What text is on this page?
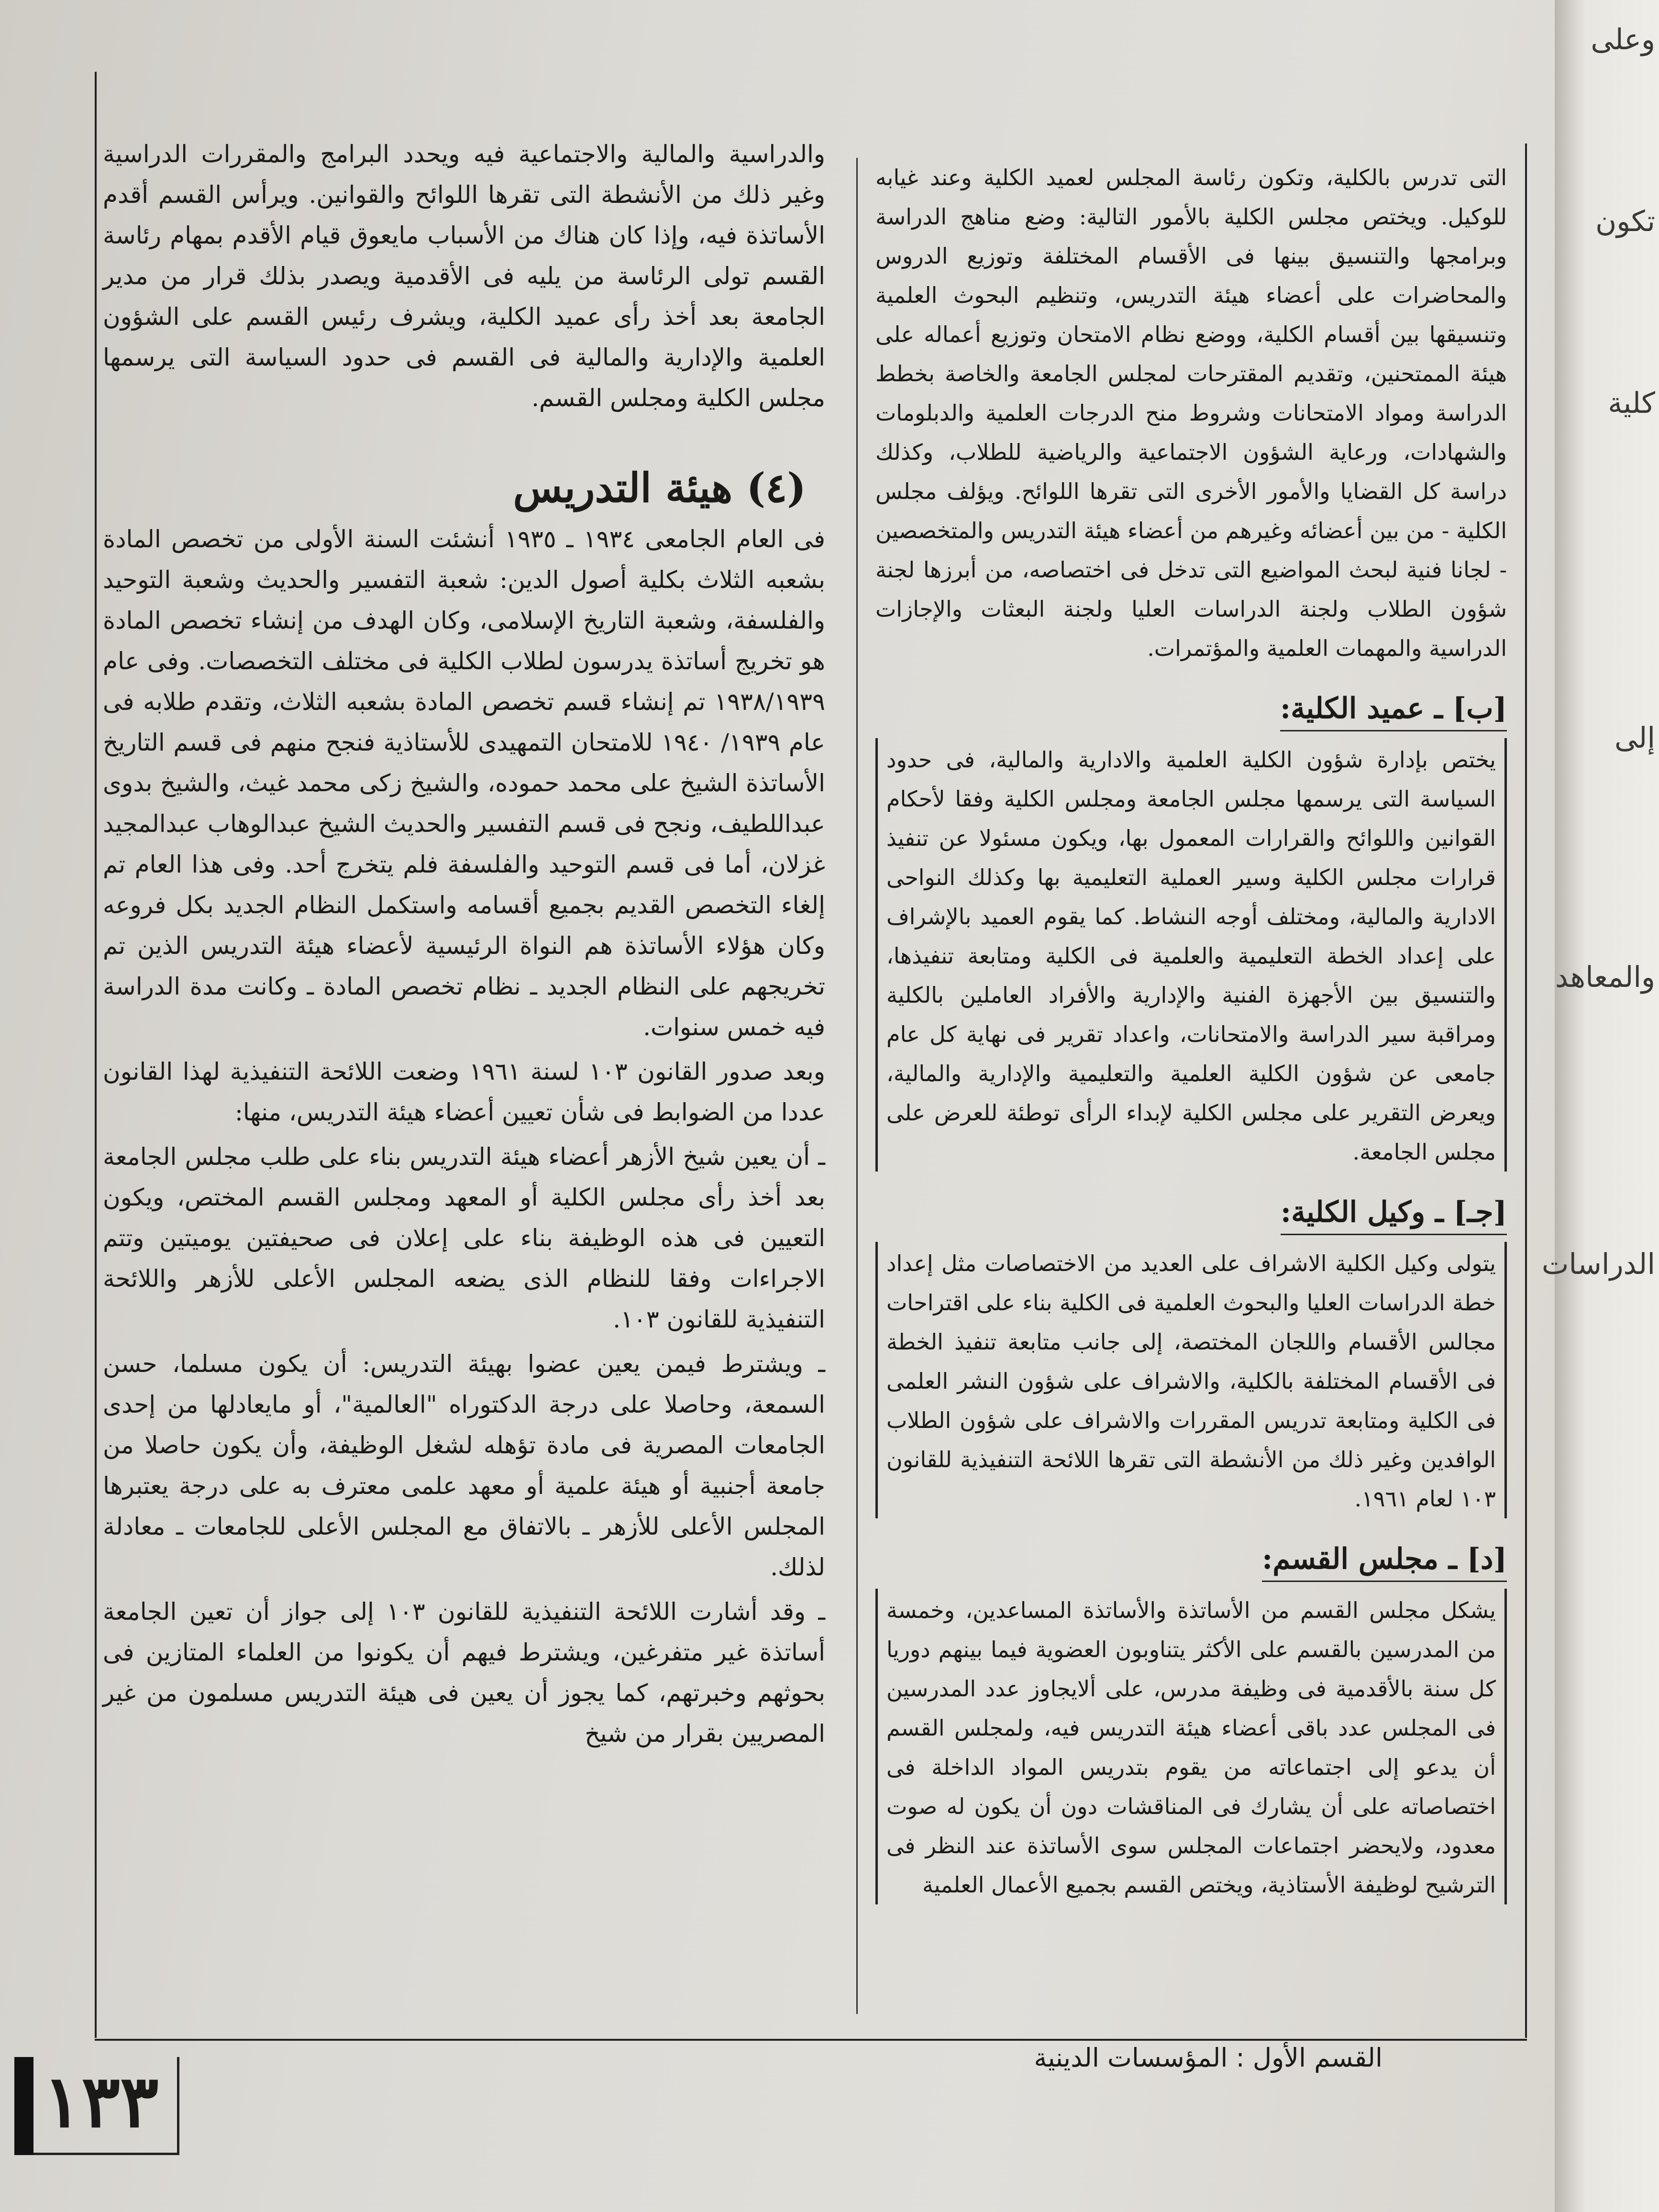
التى تدرس بالكلية، وتكون رئاسة المجلس لعميد الكلية وعند غيابه للوكيل. ويختص مجلس الكلية بالأمور التالية: وضع مناهج الدراسة وبرامجها والتنسيق بينها فى الأقسام المختلفة وتوزيع الدروس والمحاضرات على أعضاء هيئة التدريس، وتنظيم البحوث العلمية وتنسيقها بين أقسام الكلية، ووضع نظام الامتحان وتوزيع أعماله على هيئة الممتحنين، وتقديم المقترحات لمجلس الجامعة والخاصة بخطط الدراسة ومواد الامتحانات وشروط منح الدرجات العلمية والدبلومات والشهادات، ورعاية الشؤون الاجتماعية والرياضية للطلاب، وكذلك دراسة كل القضايا والأمور الأخرى التى تقرها اللوائح. ويؤلف مجلس الكلية - من بين أعضائه وغيرهم من أعضاء هيئة التدريس والمتخصصين - لجانا فنية لبحث المواضيع التى تدخل فى اختصاصه، من أبرزها لجنة شؤون الطلاب ولجنة الدراسات العليا ولجنة البعثات والإجازات الدراسية والمهمات العلمية والمؤتمرات.

[ب] ـ عميد الكلية:

يختص بإدارة شؤون الكلية العلمية والادارية والمالية، فى حدود السياسة التى يرسمها مجلس الجامعة ومجلس الكلية وفقا لأحكام القوانين واللوائح والقرارات المعمول بها، ويكون مسئولا عن تنفيذ قرارات مجلس الكلية وسير العملية التعليمية بها وكذلك النواحى الادارية والمالية، ومختلف أوجه النشاط. كما يقوم العميد بالإشراف على إعداد الخطة التعليمية والعلمية فى الكلية ومتابعة تنفيذها، والتنسيق بين الأجهزة الفنية والإدارية والأفراد العاملين بالكلية ومراقبة سير الدراسة والامتحانات، واعداد تقرير فى نهاية كل عام جامعى عن شؤون الكلية العلمية والتعليمية والإدارية والمالية، ويعرض التقرير على مجلس الكلية لإبداء الرأى توطئة للعرض على مجلس الجامعة.

[جـ] ـ وكيل الكلية:

يتولى وكيل الكلية الاشراف على العديد من الاختصاصات مثل إعداد خطة الدراسات العليا والبحوث العلمية فى الكلية بناء على اقتراحات مجالس الأقسام واللجان المختصة، إلى جانب متابعة تنفيذ الخطة فى الأقسام المختلفة بالكلية، والاشراف على شؤون النشر العلمى فى الكلية ومتابعة تدريس المقررات والاشراف على شؤون الطلاب الوافدين وغير ذلك من الأنشطة التى تقرها اللائحة التنفيذية للقانون ١٠٣ لعام ١٩٦١.

[د] ـ مجلس القسم:

يشكل مجلس القسم من الأساتذة والأساتذة المساعدين، وخمسة من المدرسين بالقسم على الأكثر يتناوبون العضوية فيما بينهم دوريا كل سنة بالأقدمية فى وظيفة مدرس، على ألايجاوز عدد المدرسين فى المجلس عدد باقى أعضاء هيئة التدريس فيه، ولمجلس القسم أن يدعو إلى اجتماعاته من يقوم بتدريس المواد الداخلة فى اختصاصاته على أن يشارك فى المناقشات دون أن يكون له صوت معدود، ولايحضر اجتماعات المجلس سوى الأساتذة عند النظر فى الترشيح لوظيفة الأستاذية، ويختص القسم بجميع الأعمال العلمية

والدراسية والمالية والاجتماعية فيه ويحدد البرامج والمقررات الدراسية وغير ذلك من الأنشطة التى تقرها اللوائح والقوانين. ويرأس القسم أقدم الأساتذة فيه، وإذا كان هناك من الأسباب مايعوق قيام الأقدم بمهام رئاسة القسم تولى الرئاسة من يليه فى الأقدمية ويصدر بذلك قرار من مدير الجامعة بعد أخذ رأى عميد الكلية، ويشرف رئيس القسم على الشؤون العلمية والإدارية والمالية فى القسم فى حدود السياسة التى يرسمها مجلس الكلية ومجلس القسم.

(٤) هيئة التدريس

فى العام الجامعى ١٩٣٤ ـ ١٩٣٥ أنشئت السنة الأولى من تخصص المادة بشعبه الثلاث بكلية أصول الدين: شعبة التفسير والحديث وشعبة التوحيد والفلسفة، وشعبة التاريخ الإسلامى، وكان الهدف من إنشاء تخصص المادة هو تخريج أساتذة يدرسون لطلاب الكلية فى مختلف التخصصات. وفى عام ١٩٣٨/١٩٣٩ تم إنشاء قسم تخصص المادة بشعبه الثلاث، وتقدم طلابه فى عام ١٩٣٩/ ١٩٤٠ للامتحان التمهيدى للأستاذية فنجح منهم فى قسم التاريخ الأساتذة الشيخ على محمد حموده، والشيخ زكى محمد غيث، والشيخ بدوى عبداللطيف، ونجح فى قسم التفسير والحديث الشيخ عبدالوهاب عبدالمجيد غزلان، أما فى قسم التوحيد والفلسفة فلم يتخرج أحد. وفى هذا العام تم إلغاء التخصص القديم بجميع أقسامه واستكمل النظام الجديد بكل فروعه وكان هؤلاء الأساتذة هم النواة الرئيسية لأعضاء هيئة التدريس الذين تم تخريجهم على النظام الجديد ـ نظام تخصص المادة ـ وكانت مدة الدراسة فيه خمس سنوات.

وبعد صدور القانون ١٠٣ لسنة ١٩٦١ وضعت اللائحة التنفيذية لهذا القانون عددا من الضوابط فى شأن تعيين أعضاء هيئة التدريس، منها:

ـ أن يعين شيخ الأزهر أعضاء هيئة التدريس بناء على طلب مجلس الجامعة بعد أخذ رأى مجلس الكلية أو المعهد ومجلس القسم المختص، ويكون التعيين فى هذه الوظيفة بناء على إعلان فى صحيفتين يوميتين وتتم الاجراءات وفقا للنظام الذى يضعه المجلس الأعلى للأزهر واللائحة التنفيذية للقانون ١٠٣.

ـ ويشترط فيمن يعين عضوا بهيئة التدريس: أن يكون مسلما، حسن السمعة، وحاصلا على درجة الدكتوراه "العالمية"، أو مايعادلها من إحدى الجامعات المصرية فى مادة تؤهله لشغل الوظيفة، وأن يكون حاصلا من جامعة أجنبية أو هيئة علمية أو معهد علمى معترف به على درجة يعتبرها المجلس الأعلى للأزهر ـ بالاتفاق مع المجلس الأعلى للجامعات ـ معادلة لذلك.

ـ وقد أشارت اللائحة التنفيذية للقانون ١٠٣ إلى جواز أن تعين الجامعة أساتذة غير متفرغين، ويشترط فيهم أن يكونوا من العلماء المتازين فى بحوثهم وخبرتهم، كما يجوز أن يعين فى هيئة التدريس مسلمون من غير المصريين بقرار من شيخ

١٣٣
القسم الأول : المؤسسات الدينية
وعلى
تكون
كلية
إلى
والمعاهد
الدراسات
